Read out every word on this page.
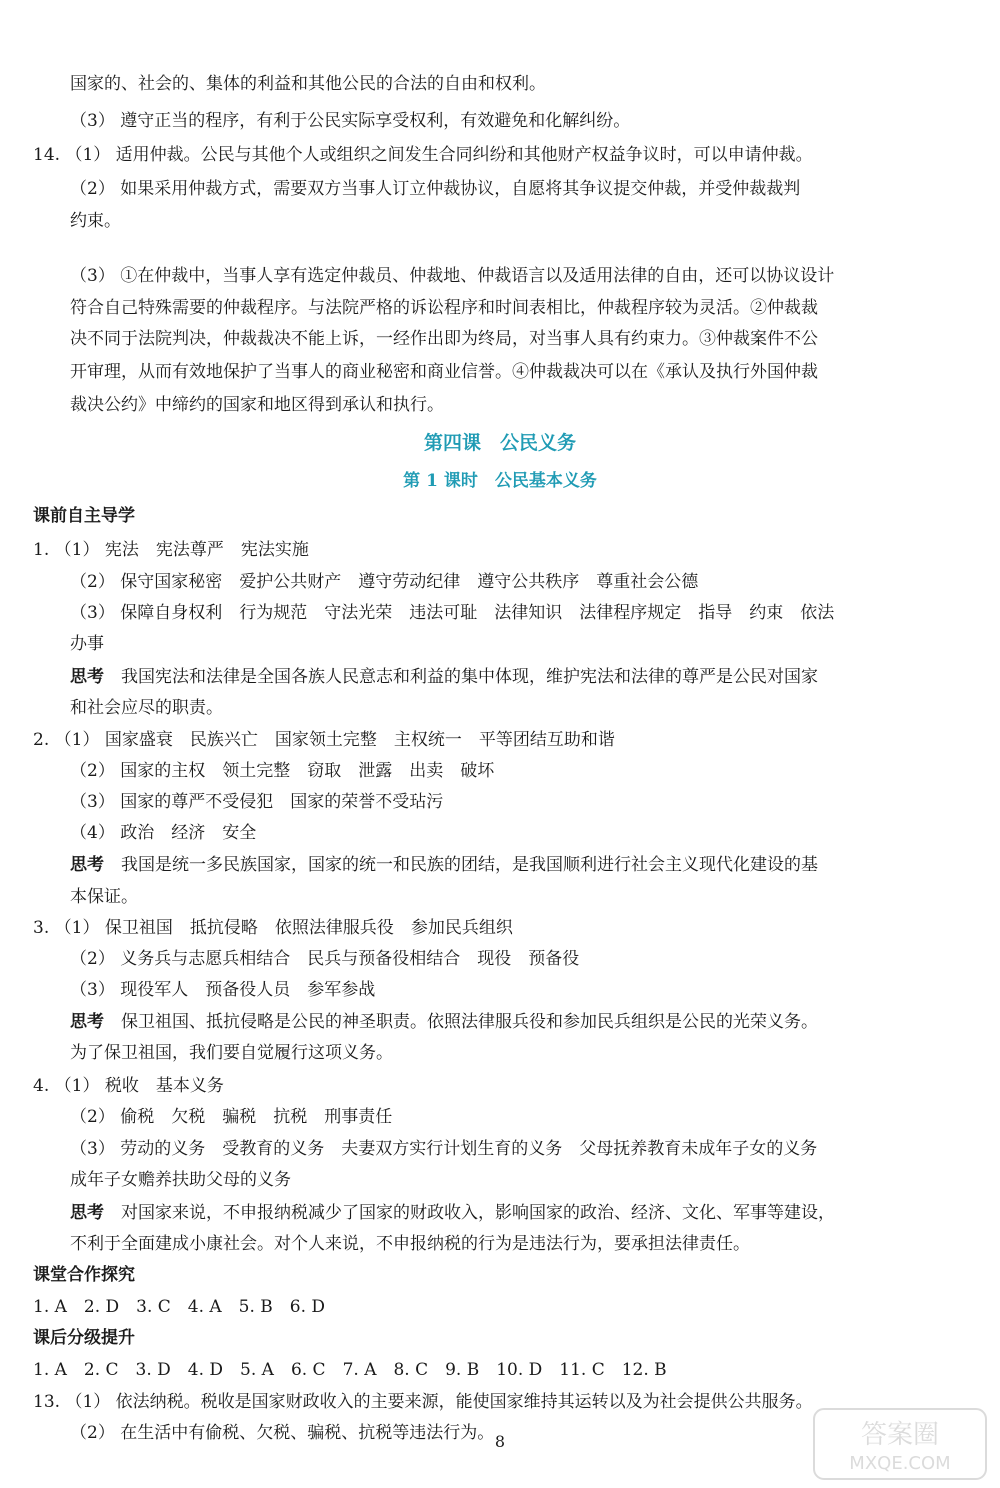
国家的、社会的、集体的利益和其他公民的合法的自由和权利。
（3） 遵守正当的程序，有利于公民实际享受权利，有效避免和化解纠纷。
14. （1） 适用仲裁。公民与其他个人或组织之间发生合同纠纷和其他财产权益争议时，可以申请仲裁。
（2） 如果采用仲裁方式，需要双方当事人订立仲裁协议，自愿将其争议提交仲裁，并受仲裁裁判
约束。
（3） ①在仲裁中，当事人享有选定仲裁员、仲裁地、仲裁语言以及适用法律的自由，还可以协议设计
符合自己特殊需要的仲裁程序。与法院严格的诉讼程序和时间表相比，仲裁程序较为灵活。②仲裁裁
决不同于法院判决，仲裁裁决不能上诉，一经作出即为终局，对当事人具有约束力。③仲裁案件不公
开审理，从而有效地保护了当事人的商业秘密和商业信誉。④仲裁裁决可以在《承认及执行外国仲裁
裁决公约》中缔约的国家和地区得到承认和执行。
第四课　公民义务
第 1 课时　公民基本义务
课前自主导学
1. （1） 宪法　宪法尊严　宪法实施
（2） 保守国家秘密　爱护公共财产　遵守劳动纪律　遵守公共秩序　尊重社会公德
（3） 保障自身权利　行为规范　守法光荣　违法可耻　法律知识　法律程序规定　指导　约束　依法
办事
思考　 我国宪法和法律是全国各族人民意志和利益的集中体现，维护宪法和法律的尊严是公民对国家
和社会应尽的职责。
2. （1） 国家盛衰　民族兴亡　国家领土完整　主权统一　平等团结互助和谐
（2） 国家的主权　领土完整　窃取　泄露　出卖　破坏
（3） 国家的尊严不受侵犯　国家的荣誉不受玷污
（4） 政治　经济　安全
思考　 我国是统一多民族国家，国家的统一和民族的团结，是我国顺利进行社会主义现代化建设的基
本保证。
3. （1） 保卫祖国　抵抗侵略　依照法律服兵役　参加民兵组织
（2） 义务兵与志愿兵相结合　民兵与预备役相结合　现役　预备役
（3） 现役军人　预备役人员　参军参战
思考　 保卫祖国、抵抗侵略是公民的神圣职责。依照法律服兵役和参加民兵组织是公民的光荣义务。
为了保卫祖国，我们要自觉履行这项义务。
4. （1） 税收　基本义务
（2） 偷税　欠税　骗税　抗税　刑事责任
（3） 劳动的义务　受教育的义务　夫妻双方实行计划生育的义务　父母抚养教育未成年子女的义务
成年子女赡养扶助父母的义务
思考　 对国家来说，不申报纳税减少了国家的财政收入，影响国家的政治、经济、文化、军事等建设，
不利于全面建成小康社会。对个人来说，不申报纳税的行为是违法行为，要承担法律责任。
课堂合作探究
1. A　2. D　3. C　4. A　5. B　6. D
课后分级提升
1. A　2. C　3. D　4. D　5. A　6. C　7. A　8. C　9. B　10. D　11. C　12. B
13. （1） 依法纳税。税收是国家财政收入的主要来源，能使国家维持其运转以及为社会提供公共服务。
（2） 在生活中有偷税、欠税、骗税、抗税等违法行为。 8	答案圈
MXQE.COM
